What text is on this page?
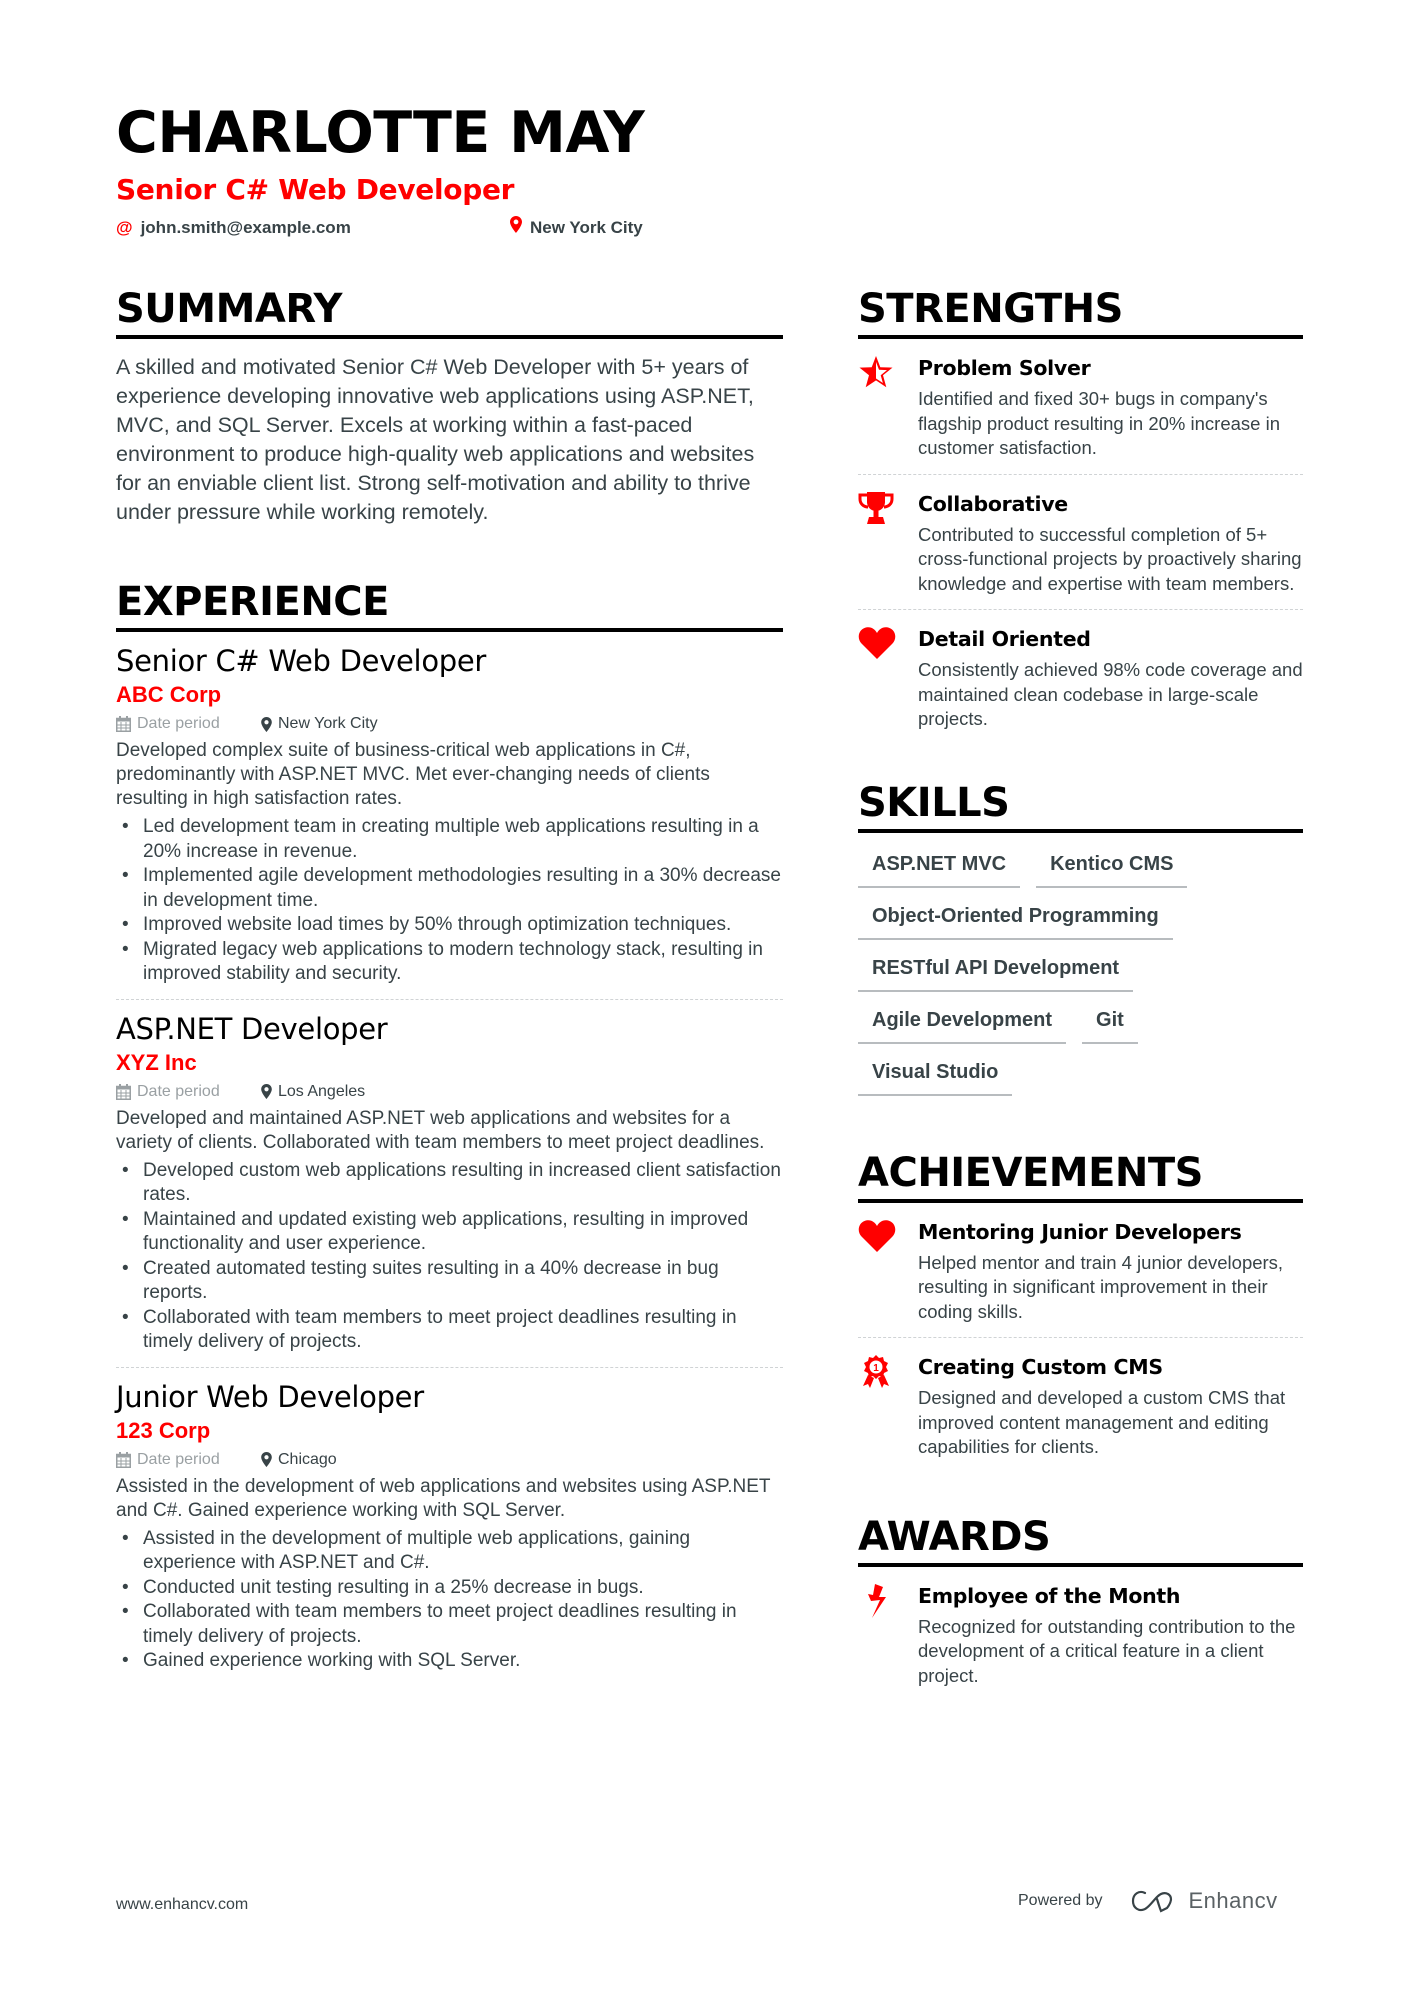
CHARLOTTE MAY
Senior C# Web Developer
@ john.smith@example.com	New York City
SUMMARY

A skilled and motivated Senior C# Web Developer with 5+ years of experience developing innovative web applications using ASP.NET, MVC, and SQL Server. Excels at working within a fast-paced environment to produce high-quality web applications and websites for an enviable client list. Strong self-motivation and ability to thrive under pressure while working remotely.

EXPERIENCE
Senior C# Web Developer
ABC Corp
Date period	New York City

Developed complex suite of business-critical web applications in C#, predominantly with ASP.NET MVC. Met ever-changing needs of clients resulting in high satisfaction rates.

• Led development team in creating multiple web applications resulting in a 20% increase in revenue.
• Implemented agile development methodologies resulting in a 30% decrease in development time.
• Improved website load times by 50% through optimization techniques.
• Migrated legacy web applications to modern technology stack, resulting in improved stability and security.
ASP.NET Developer
XYZ Inc
Date period	Los Angeles

Developed and maintained ASP.NET web applications and websites for a variety of clients. Collaborated with team members to meet project deadlines.

• Developed custom web applications resulting in increased client satisfaction rates.
• Maintained and updated existing web applications, resulting in improved functionality and user experience.
• Created automated testing suites resulting in a 40% decrease in bug reports.
• Collaborated with team members to meet project deadlines resulting in timely delivery of projects.
Junior Web Developer
123 Corp
Date period	Chicago

Assisted in the development of web applications and websites using ASP.NET and C#. Gained experience working with SQL Server.

• Assisted in the development of multiple web applications, gaining experience with ASP.NET and C#.
• Conducted unit testing resulting in a 25% decrease in bugs.
• Collaborated with team members to meet project deadlines resulting in timely delivery of projects.
• Gained experience working with SQL Server.
STRENGTHS
Problem Solver
Identified and fixed 30+ bugs in company's flagship product resulting in 20% increase in customer satisfaction.
Collaborative
Contributed to successful completion of 5+ cross-functional projects by proactively sharing knowledge and expertise with team members.
Detail Oriented
Consistently achieved 98% code coverage and maintained clean codebase in large-scale projects.
SKILLS
ASP.NET MVC	Kentico CMS
Object-Oriented Programming
RESTful API Development
Agile Development	Git
Visual Studio
ACHIEVEMENTS
Mentoring Junior Developers
Helped mentor and train 4 junior developers, resulting in significant improvement in their coding skills.
1 Creating Custom CMS
Designed and developed a custom CMS that improved content management and editing capabilities for clients.
AWARDS
Employee of the Month
Recognized for outstanding contribution to the development of a critical feature in a client project.
www.enhancv.com	Powered by	Enhancv
